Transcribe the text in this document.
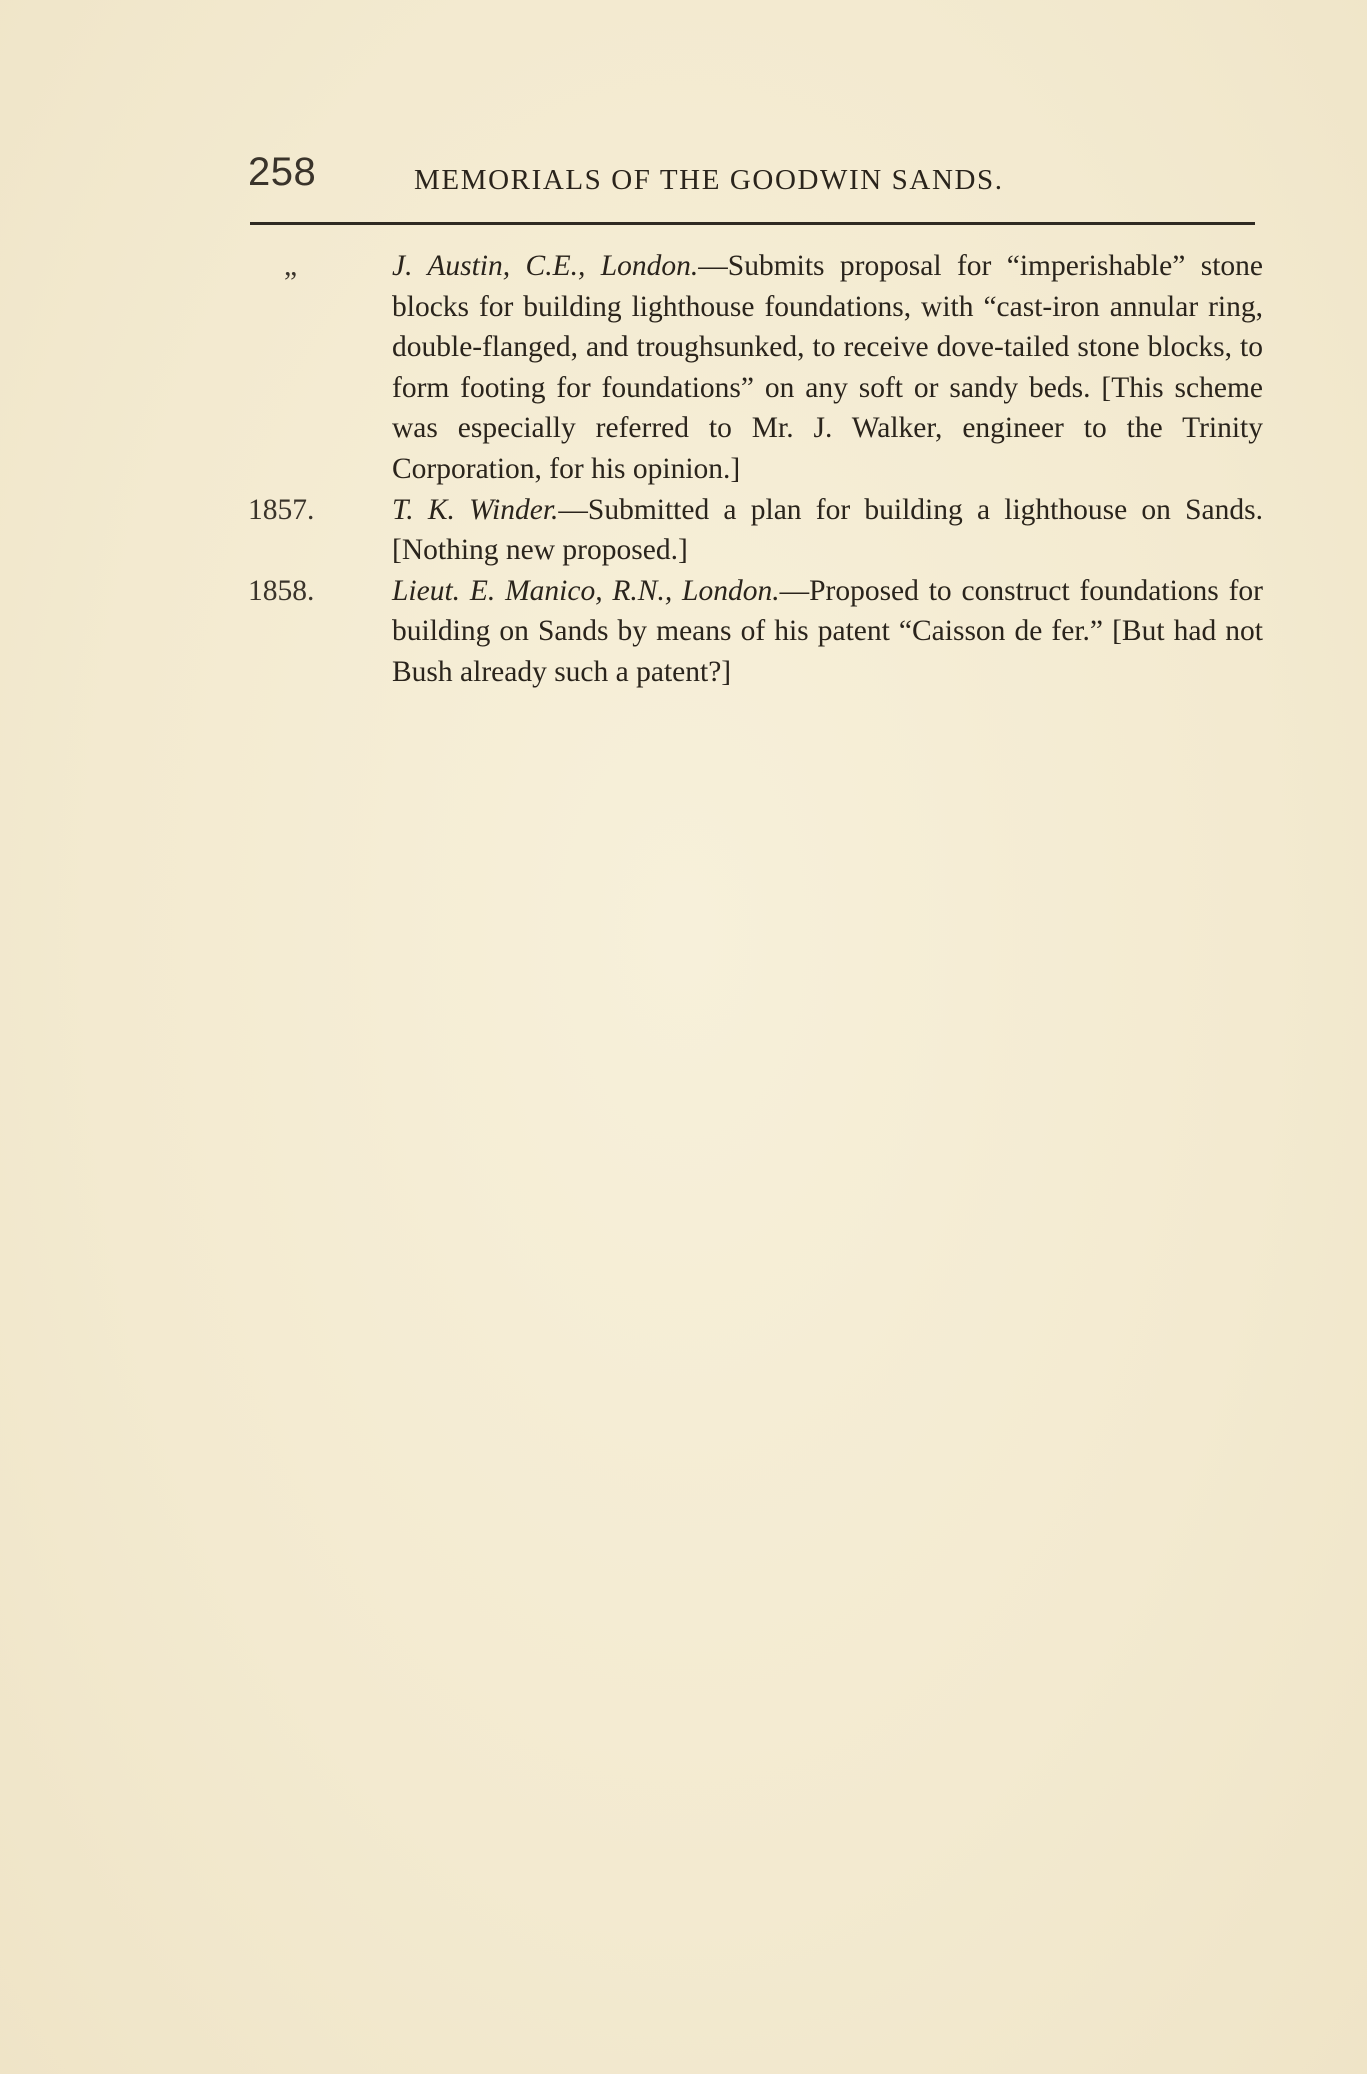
258	MEMORIALS OF THE GOODWIN SANDS.
„	J. Austin, C.E., London.—Submits proposal for “imperishable” stone blocks for building lighthouse foundations, with “cast-iron annular ring, double-flanged, and troughsunked, to receive dove-tailed stone blocks, to form footing for foundations” on any soft or sandy beds. [This scheme was especially referred to Mr. J. Walker, engineer to the Trinity Corporation, for his opinion.]
1857.	T. K. Winder.—Submitted a plan for building a lighthouse on Sands. [Nothing new proposed.]
1858.	Lieut. E. Manico, R.N., London.—Proposed to construct foundations for building on Sands by means of his patent “Caisson de fer.” [But had not Bush already such a patent?]
